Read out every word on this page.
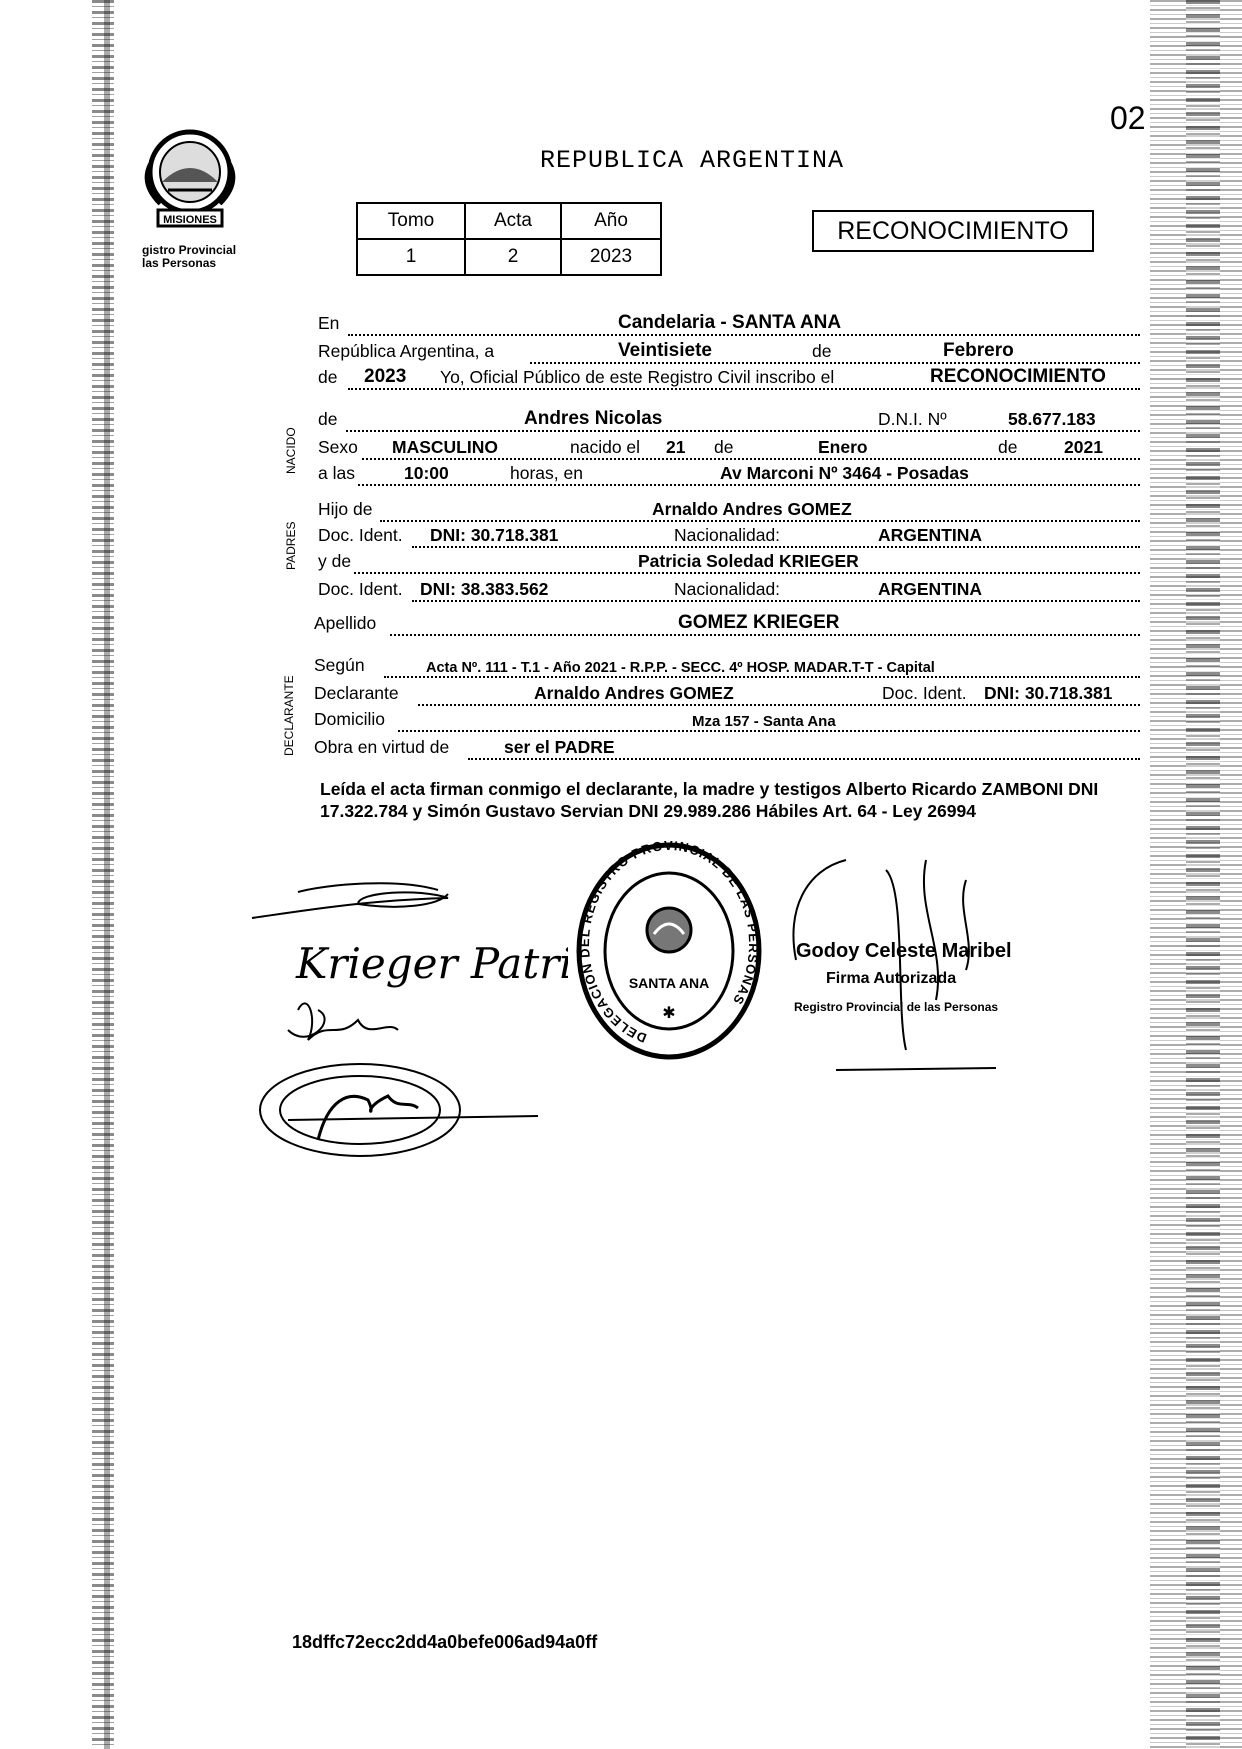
02
MISIONES
gistro Provincial
las Personas
REPUBLICA ARGENTINA
Tomo	Acta	Año
1	2	2023
RECONOCIMIENTO
En	Candelaria - SANTA ANA
República Argentina, a	Veintisiete	de	Febrero
de 2023 Yo, Oficial Público de este Registro Civil inscribo el	RECONOCIMIENTO
NACIDO
de	Andres Nicolas	D.N.I. Nº	58.677.183
Sexo MASCULINO	nacido el 21 de	Enero	de	2021
a las	10:00	horas, en	Av Marconi Nº 3464 - Posadas
PADRES
Hijo de	Arnaldo Andres GOMEZ
Doc. Ident. DNI: 30.718.381	Nacionalidad:	ARGENTINA
y de	Patricia Soledad KRIEGER
Doc. Ident. DNI: 38.383.562	Nacionalidad:	ARGENTINA
Apellido	GOMEZ KRIEGER
DECLARANTE
Según	Acta Nº. 111 - T.1 - Año 2021 - R.P.P. - SECC. 4º HOSP. MADAR.T-T - Capital
Declarante	Arnaldo Andres GOMEZ	Doc. Ident. DNI: 30.718.381
Domicilio	Mza 157 - Santa Ana
Obra en virtud de	ser el PADRE
Leída el acta firman conmigo el declarante, la madre y testigos Alberto Ricardo ZAMBONI DNI 17.322.784 y Simón Gustavo Servian DNI 29.989.286 Hábiles Art. 64 - Ley 26994
Krieger Patr
DELEGACION DEL REGISTRO PROVINCIAL DE LAS PERSONAS
SANTA ANA
✱
Godoy Celeste Maribel
Firma Autorizada
Registro Provincial de las Personas
18dffc72ecc2dd4a0befe006ad94a0ff
